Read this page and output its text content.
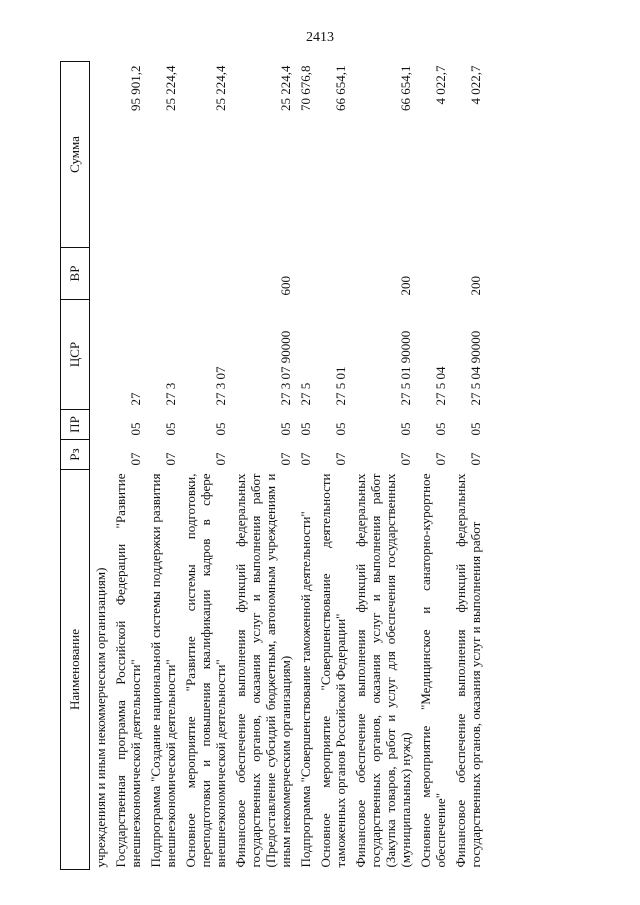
2413
Наименование	Рз	ПР	ЦСР	ВР	Сумма
учреждениям и иным некоммерческим организациям)					
Государственная программа Российской Федерации "Развитие внешнеэкономической деятельности"	07	05	27		95 901,2
Подпрограмма "Создание национальной системы поддержки развития внешнеэкономической деятельности"	07	05	27 3		25 224,4
Основное мероприятие "Развитие системы подготовки, переподготовки и повышения квалификации кадров в сфере внешнеэкономической деятельности"	07	05	27 3 07		25 224,4
Финансовое обеспечение выполнения функций федеральных государственных органов, оказания услуг и выполнения работ (Предоставление субсидий бюджетным, автономным учреждениям и иным некоммерческим организациям)	07	05	27 3 07 90000	600	25 224,4
Подпрограмма "Совершенствование таможенной деятельности"	07	05	27 5		70 676,8
Основное мероприятие "Совершенствование деятельности таможенных органов Российской Федерации"	07	05	27 5 01		66 654,1
Финансовое обеспечение выполнения функций федеральных государственных органов, оказания услуг и выполнения работ (Закупка товаров, работ и услуг для обеспечения государственных (муниципальных) нужд)	07	05	27 5 01 90000	200	66 654,1
Основное мероприятие "Медицинское и санаторно-курортное обеспечение"	07	05	27 5 04		4 022,7
Финансовое обеспечение выполнения функций федеральных государственных органов, оказания услуг и выполнения работ	07	05	27 5 04 90000	200	4 022,7
